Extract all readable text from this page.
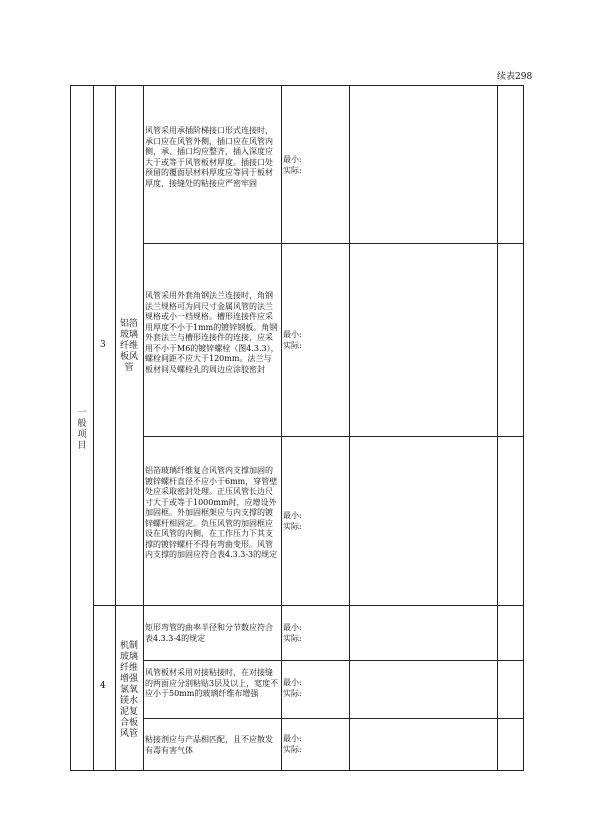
续表298
一般项目
3
4
铝箔玻璃纤维板风管
机制玻璃纤维增强氯氧镁水泥复合板风管
风管采用承插阶梯接口形式连接时，承口应在风管外侧，插口应在风管内侧，承、插口均应整齐，插入深度应大于或等于风管板材厚度。插接口处预留的覆面层材料厚度应等同于板材厚度，接缝处的粘接应严密牢固
风管采用外套角钢法兰连接时，角钢法兰规格可为同尺寸金属风管的法兰规格或小一档规格。槽形连接件应采用厚度不小于1mm的镀锌钢板。角钢外套法兰与槽形连接件的连接，应采用不小于M6的镀锌螺栓（图4.3.3），螺栓间距不应大于120mm。法兰与板材间及螺栓孔的周边应涂胶密封
铝箔玻璃纤维复合风管内支撑加固的镀锌螺杆直径不应小于6mm，穿管壁处应采取密封处理。正压风管长边尺寸大于或等于1000mm时，应增设外加固框。外加固框架应与内支撑的镀锌螺杆相固定。负压风管的加固框应设在风管的内侧，在工作压力下其支撑的镀锌螺杆不得有弯曲变形。风管内支撑的加固应符合表4.3.3-3的规定
矩形弯管的曲率半径和分节数应符合表4.3.3-4的规定
风管板材采用对接粘接时，在对接缝的两面应分别粘贴3层及以上，宽度不应小于50mm的玻璃纤维布增强
粘接剂应与产品相匹配，且不应散发有毒有害气体
最小:
实际:
最小:
实际:
最小:
实际:
最小:
实际:
最小:
实际:
最小:
实际:
